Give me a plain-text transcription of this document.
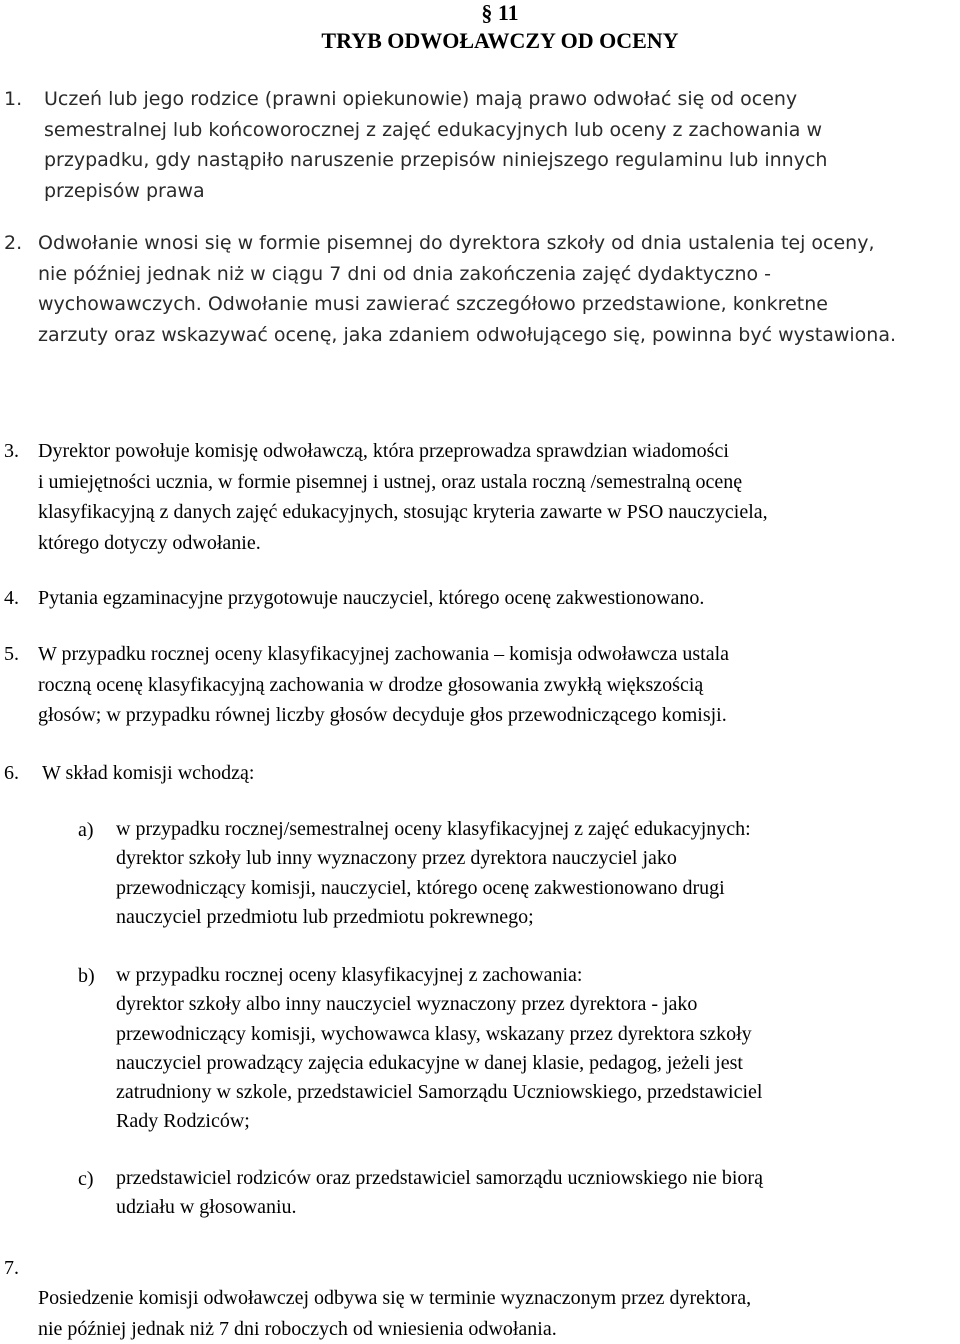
§ 11
TRYB ODWOŁAWCZY OD OCENY
1. Uczeń lub jego rodzice (prawni opiekunowie) mają prawo odwołać się od oceny
semestralnej lub końcoworocznej z zajęć edukacyjnych lub oceny z zachowania w
przypadku, gdy nastąpiło naruszenie przepisów niniejszego regulaminu lub innych
przepisów prawa
2. Odwołanie wnosi się w formie pisemnej do dyrektora szkoły od dnia ustalenia tej oceny,
nie później jednak niż w ciągu 7 dni od dnia zakończenia zajęć dydaktyczno -
wychowawczych. Odwołanie musi zawierać szczegółowo przedstawione, konkretne
zarzuty oraz wskazywać ocenę, jaka zdaniem odwołującego się, powinna być wystawiona.
3. Dyrektor powołuje komisję odwoławczą, która przeprowadza sprawdzian wiadomości
i umiejętności ucznia, w formie pisemnej i ustnej, oraz ustala roczną /semestralną ocenę
klasyfikacyjną z danych zajęć edukacyjnych, stosując kryteria zawarte w PSO nauczyciela,
którego dotyczy odwołanie.
4. Pytania egzaminacyjne przygotowuje nauczyciel, którego ocenę zakwestionowano.
5. W przypadku rocznej oceny klasyfikacyjnej zachowania – komisja odwoławcza ustala
roczną ocenę klasyfikacyjną zachowania w drodze głosowania zwykłą większością
głosów; w przypadku równej liczby głosów decyduje głos przewodniczącego komisji.
6. W skład komisji wchodzą:
a) w przypadku rocznej/semestralnej oceny klasyfikacyjnej z zajęć edukacyjnych:
dyrektor szkoły lub inny wyznaczony przez dyrektora nauczyciel jako
przewodniczący komisji, nauczyciel, którego ocenę zakwestionowano drugi
nauczyciel przedmiotu lub przedmiotu pokrewnego;
b) w przypadku rocznej oceny klasyfikacyjnej z zachowania:
dyrektor szkoły albo inny nauczyciel wyznaczony przez dyrektora - jako
przewodniczący komisji, wychowawca klasy, wskazany przez dyrektora szkoły
nauczyciel prowadzący zajęcia edukacyjne w danej klasie, pedagog, jeżeli jest
zatrudniony w szkole, przedstawiciel Samorządu Uczniowskiego, przedstawiciel
Rady Rodziców;
c) przedstawiciel rodziców oraz przedstawiciel samorządu uczniowskiego nie biorą
udziału w głosowaniu.
7.
Posiedzenie komisji odwoławczej odbywa się w terminie wyznaczonym przez dyrektora,
nie później jednak niż 7 dni roboczych od wniesienia odwołania.
